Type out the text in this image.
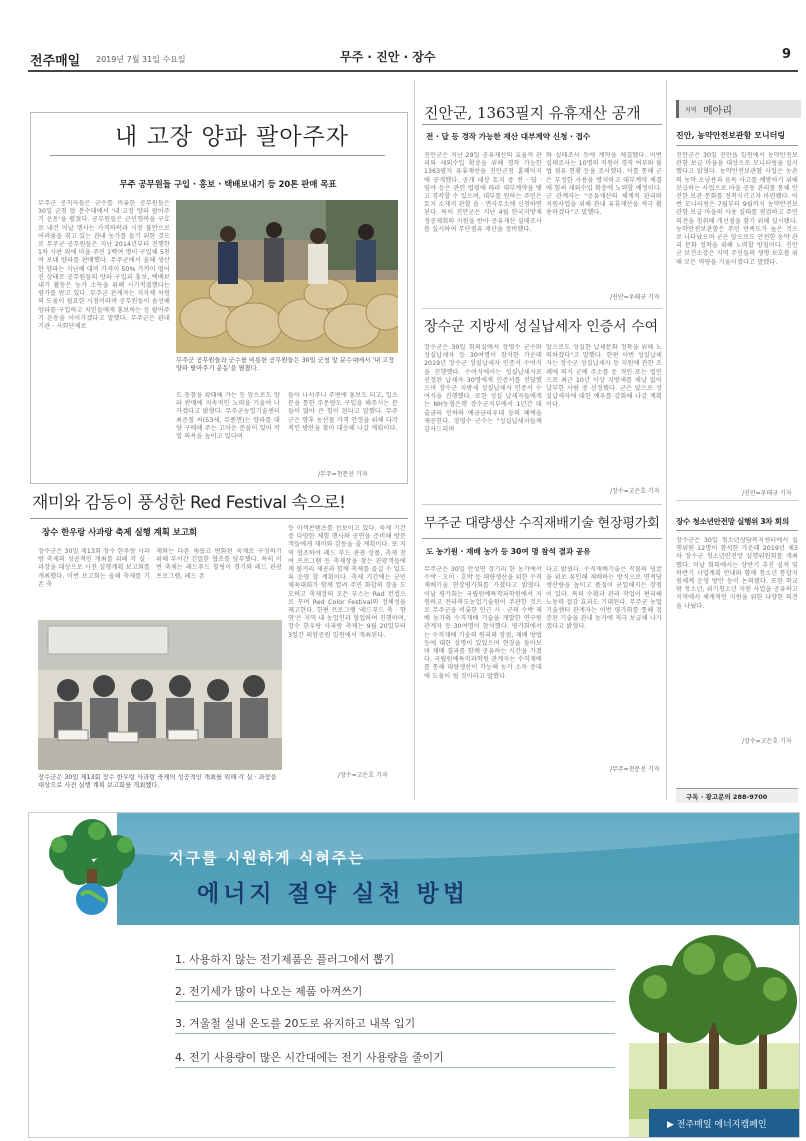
전주매일 2019년 7월 31일 수요일	무주 · 진안 · 장수	9
내 고장 양파 팔아주자
무주 공무원들 구입 · 홍보 · 택배보내기 등 20톤 판매 목표
무주군 공직자들은 군수를 비롯한 공무원들은 30일 군청 앞 분수대에서 '내 고장 양파 팔아주기 운동'을 펼쳤다. 공무원들은 군민행복을 구호로 내건 이날 행사는 가격하락과 시장 불안으로 어려움을 겪고 있는 관내 농가를 돕기 위한 것으로 무주군 공무원들은 지난 2014년부터 진행한 1차 시판 외에 마을 주민 1백여 명이 구입해 5천여 포대 양파를 판매했다. 무주군에서 올해 생산한 양파는 지난해 대비 가격이 50% 가까이 떨어진 상태로 공무원들의 양파 구입과 홍보, 택배보내기 활동은 농가 소득을 위해 시기적절했다는 평가를 받고 있다. 무주군 관계자는 지자체 차원의 도움이 필요한 시점이라며 공무원들이 솔선해 양파를 구입하고 지인들에게 홍보하는 등 팔아주기 운동을 이어가겠다고 말했다. 무주군은 관내 기관 · 사회단체로
무주군 공무원들과 군수를 비롯한 공무원들은 30일 군청 앞 분수대에서 '내 고장 양파 팔아주기 운동'을 펼쳤다.
도 동참을 확대해 가는 등 앞으로도 양파 판매에 지속적인 노력을 기울여 나가겠다고 밝혔다. 무주군농업기술센터 최준철 씨(53세, 무풍면)는 양파를 대량 구매해 주는 고마운 분들이 있어 작업 의욕을 높이고 있다며
들이 나서주니 주변에 홍보도 되고, 입소문을 통한 주문량도 구입을 해주시는 분들이 많아 큰 힘이 된다고 말했다. 무주군은 향후 농산물 가격 안정을 위해 다각적인 방안을 찾아 대응해 나갈 계획이다.
/무주=천문선 기자
재미와 감동이 풍성한 Red Festival 속으로!
장수 한우랑 사과랑 축제 실행 계획 보고회
장수군은 30일 제13회 장수 한우랑 사과랑 축제의 성공적인 개최를 위해 각 실 · 과장을 대상으로 사전 실행계획 보고회를 개최했다. 이번 보고회는 올해 축제를 기존 축
제와는 다른 새롭고 변화된 축제로 구성하기 위해 부서간 긴밀한 협조를 당부했다. 특히 이번 축제는 레드푸드 힐링이 경기와 레드 관광 프로그램, 레드 존
장수군은 30일 제13회 장수 한우랑 사과랑 축제의 성공적인 개최를 위해 각 실 · 과장을 대상으로 사전 실행 계획 보고회를 개최했다.
등 이색콘텐츠를 선보이고 있다. 축제 기간 중 다양한 체험 행사와 공연을 준비해 방문객들에게 재미와 감동을 줄 계획이다. 또 지역 협조하여 레드 푸드 관광 상품, 축제 참여 프로그램 등 축제장을 찾는 관광객들에게 볼거리 제공과 함께 축제를 즐길 수 있도록 운영 할 계획이다. 축제 기간에는 군민 체육대회가 함께 열려 주민 화합의 장을 도모하고 축제장의 모든 부스는 Red 컨셉으로 꾸며 Red Color Festival의 정체성을 제고한다. 한편 프로그램 '레드푸드 축 · 향연'은 지역 내 농업인과 협업하여 진행하며, 장수 한우랑 사과랑 축제는 9월 20일부터 3일간 의암공원 일원에서 개최된다.
/장수=고은호 기자
진안군, 1363필지 유휴재산 공개
전 · 답 등 경작 가능한 재산 대부계약 신청 · 접수
진안군은 지난 29일 공유재산의 효율적 관리와 세외수입 확충을 위해 경작 가능한 1363필지 유휴재산을 진안군청 홈페이지에 공개했다. 공개 대상 토지 중 전 · 답 · 임야 등은 관련 법령에 따라 대부계약을 맺고 경작할 수 있으며, 대부를 원하는 주민은 토지 소재지 관할 읍 · 면사무소에 신청하면 된다. 특히 진안군은 지난 4월 한국지방재정공제회의 지원을 받아 공유재산 실태조사를 실시하여 무단점유 재산을 정비했다.
와 실태조사 등에 계약을 체결했다. 이번 실태조사는 10명의 직원이 경작 여부와 불법 점유 현황 등을 조사했다. 이를 통해 군은 부정한 사용을 방지하고 대부계약 체결에 힘써 세외수입 확충에 노력할 예정이다. 군 관계자는 "공유재산의 체계적 관리와 지원사업을 위해 관내 유휴재산을 적극 활용하겠다"고 말했다.
/진안=우태규 기자
장수군 지방세 성실납세자 인증서 수여
장수군은 30일 회의실에서 장영수 군수와 성실납세자 등 30여명이 참석한 가운데 2019년 장수군 성실납세자 인증서 수여식을 진행했다. 수여식에서는 성실납세자로 선정된 납세자 30명에게 인증서를 전달했으며 장수군 지방세 성실납세자 인증서 수여식을 진행했다. 또한 성실 납세자들에게는 NH농협은행 장수군지부에서 1년간 대출금리 인하와 예금금리우대 등의 혜택을 제공한다. 장영수 군수는 "성실납세자들께 감사드리며
앞으로도 성실한 납세문화 정착을 위해 노력하겠다"고 말했다. 한편 이번 성실납세자는 장수군 성실납세자 등 지원에 관한 조례에 의거 군에 주소를 둔 개인 또는 법인으로 최근 10년 이상 지방세를 체납 없이 납부한 사람 중 선정됐다. 군은 앞으로 성실납세자에 대한 예우를 강화해 나갈 계획이다.
/장수=고은호 기자
무주군 대량생산 수직재배기술 현장평가회
도 농기원 · 재배 농가 등 30여 명 참석 결과 공유
무주군은 30일 안성면 장기리 한 농가에서 수박 · 오이 · 호박 등 대량생산을 위한 수직재배기술 현장평가회를 가졌다고 밝혔다. 이날 평가회는 국립원예특작과학원에서 지원하고 전라북도농업기술원이 주관한 것으로 무주군을 비롯한 인근 시 · 군의 수박 재배 농가와 수직재배 기술을 개발한 연구원 관계자 등 30여명이 참석했다. 평가회에서는 수직재배 기술의 원리와 장점, 재배 방법 등에 대한 설명이 있었으며 현장을 돌아보며 재배 결과를 함께 공유하는 시간을 가졌다. 국립원예특작과학원 관계자는 수직재배를 통해 대량생산이 가능해 농가 소득 증대에 도움이 될 것이라고 말했다.
다고 밝혔다. 수직재배기술은 작물의 덩굴을 위로 유인해 재배하는 방식으로 면적당 생산량을 높이고 품질이 균일해지는 장점이 있다. 특히 수확과 관리 작업이 편리해 노동력 절감 효과도 기대된다. 무주군 농업기술센터 관계자는 이번 평가회를 통해 검증된 기술을 관내 농가에 적극 보급해 나가겠다고 밝혔다.
/무주=천문선 기자
지역 메아리
진안, 농약안전보관함 모니터링
진안군은 30일 진안읍 일원에서 농약안전보관함 보급 마을을 대상으로 모니터링을 실시했다고 밝혔다. 농약안전보관함 사업은 농촌의 농약 오남용과 음독 사고를 예방하기 위해 보급하는 사업으로 마을 공동 관리를 통해 안전한 보관 문화를 정착시키고자 마련됐다. 이번 모니터링은 7월부터 9월까지 농약안전보관함 보급 마을의 사용 실태를 점검하고 주민 의견을 청취해 개선점을 찾기 위해 실시됐다. 농약안전보관함은 주민 만족도가 높은 것으로 나타났으며 군은 앞으로도 안전한 농약 관리 문화 정착을 위해 노력할 방침이다. 진안군 보건소장은 지역 주민들의 생명 보호를 위해 모든 역량을 기울이겠다고 말했다.
/진안=우태규 기자
장수 청소년안전망 실행위 3차 회의
장수군은 30일 청소년상담복지센터에서 실행위원 12명이 참석한 가운데 2019년 제3차 장수군 청소년안전망 실행위원회를 개최했다. 이날 회의에서는 상반기 추진 실적 및 하반기 사업계획 안내와 함께 청소년 통합지원체계 운영 방안 등이 논의됐다. 또한 학교 밖 청소년, 위기청소년 지원 사업을 공유하고 지역에서 체계적인 지원을 위한 다양한 의견을 나눴다.
/장수=고은호 기자
구독 · 광고문의 288-9700
지구를 시원하게 식혀주는
에너지 절약 실천 방법
1. 사용하지 않는 전기제품은 플러그에서 뽑기
2. 전기세가 많이 나오는 제품 아껴쓰기
3. 겨울철 실내 온도를 20도로 유지하고 내복 입기
4. 전기 사용량이 많은 시간대에는 전기 사용량을 줄이기
▶ 전주매일 에너지캠페인
